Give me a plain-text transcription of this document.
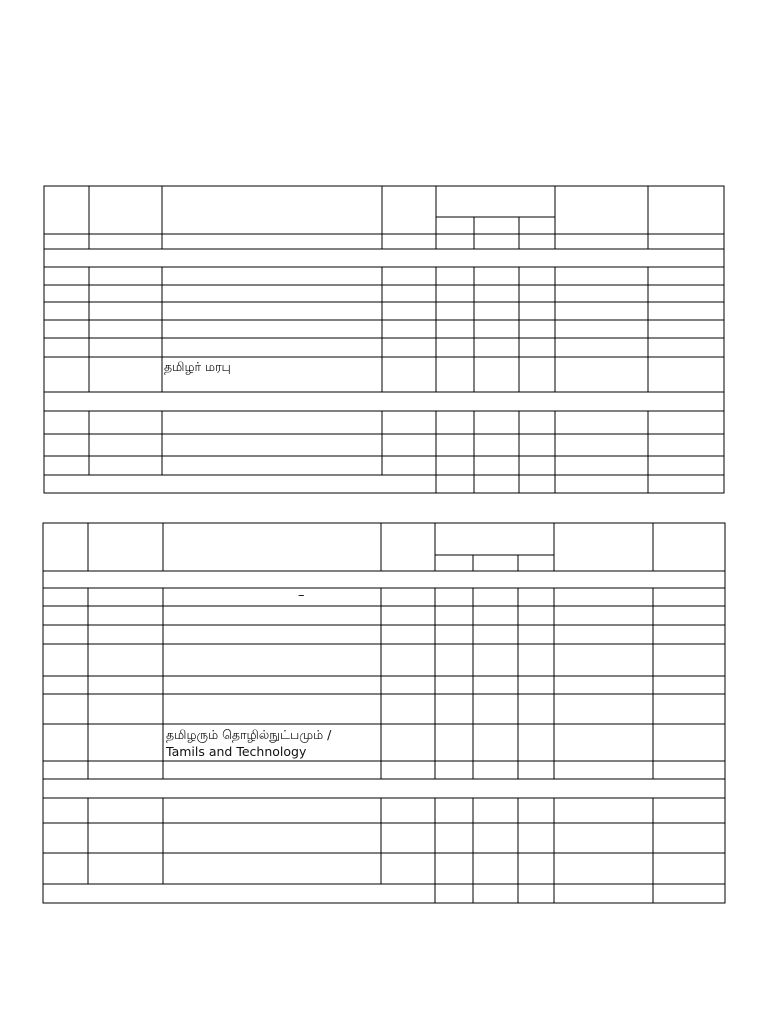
தமிழர் மரபு
–
தமிழரும் தொழில்நுட்பமும் /
Tamils and Technology
